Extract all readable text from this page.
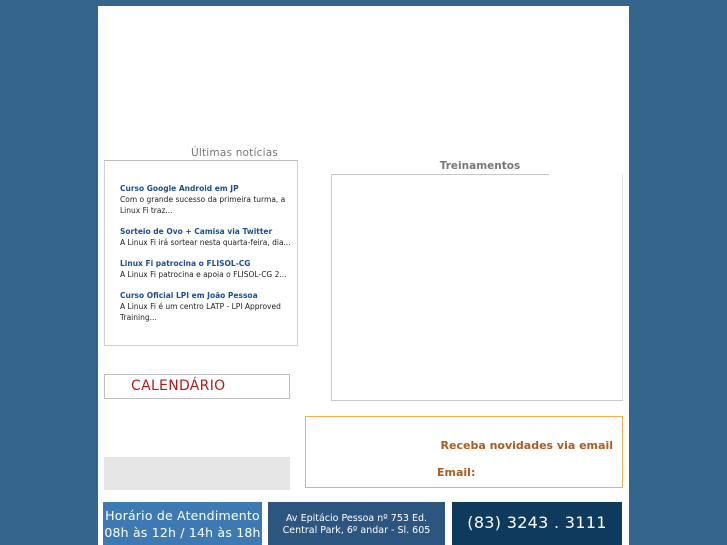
Últimas notícias
Curso Google Android em JP
Com o grande sucesso da primeira turma, a Linux Fi traz...
Sorteio de Ovo + Camisa via Twitter
A Linux Fi irá sortear nesta quarta-feira, dia...
Linux Fi patrocina o FLISOL-CG
A Linux Fi patrocina e apoia o FLISOL-CG 2...
Curso Oficial LPI em João Pessoa
A Linux Fi é um centro LATP - LPI Approved Training...
Treinamentos
CALENDÁRIO
Receba novidades via email
Email:
Horário de Atendimento
08h às 12h / 14h às 18h
Av Epitácio Pessoa nº 753 Ed.
Central Park, 6º andar - Sl. 605	(83) 3243 . 3111
